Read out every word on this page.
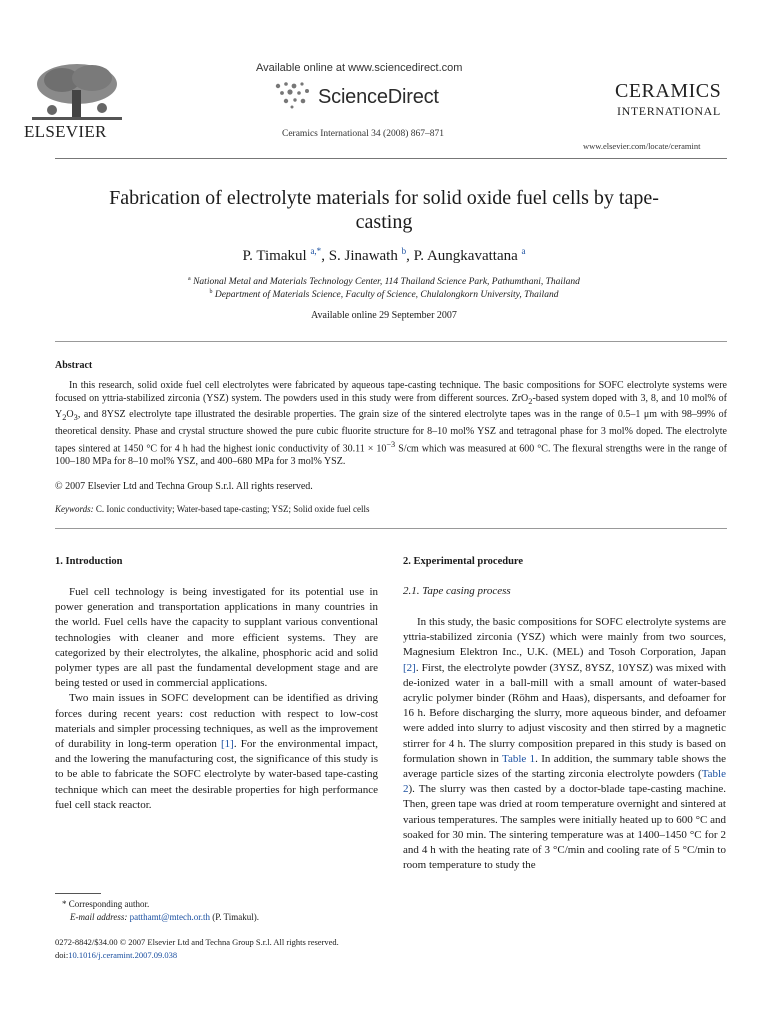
ELSEVIER
Available online at www.sciencedirect.com
ScienceDirect
Ceramics International 34 (2008) 867–871
CERAMICS
INTERNATIONAL
www.elsevier.com/locate/ceramint
Fabrication of electrolyte materials for solid oxide fuel cells by tape-casting
P. Timakul $^{a,*}$, S. Jinawath $^b$, P. Aungkavattana $^a$
$^a$ National Metal and Materials Technology Center, 114 Thailand Science Park, Pathumthani, Thailand
$^b$ Department of Materials Science, Faculty of Science, Chulalongkorn University, Thailand
Available online 29 September 2007
Abstract

In this research, solid oxide fuel cell electrolytes were fabricated by aqueous tape-casting technique. The basic compositions for SOFC electrolyte systems were focused on yttria-stabilized zirconia (YSZ) system. The powders used in this study were from different sources. ZrO$_2$-based system doped with 3, 8, and 10 mol% of $Y_2O_3$, and 8YSZ electrolyte tape illustrated the desirable properties. The grain size of the sintered electrolyte tapes was in the range of 0.5–1 μm with 98–99% of theoretical density. Phase and crystal structure showed the pure cubic fluorite structure for 8–10 mol% YSZ and tetragonal phase for 3 mol% doped. The electrolyte tapes sintered at 1450 °C for 4 h had the highest ionic conductivity of $30.11 \times 10^{-3}$ S/cm which was measured at 600 °C. The flexural strengths were in the range of 100–180 MPa for 8–10 mol% YSZ, and 400–680 MPa for 3 mol% YSZ.

© 2007 Elsevier Ltd and Techna Group S.r.l. All rights reserved.
Keywords: C. Ionic conductivity; Water-based tape-casting; YSZ; Solid oxide fuel cells
1. Introduction

Fuel cell technology is being investigated for its potential use in power generation and transportation applications in many countries in the world. Fuel cells have the capacity to supplant various conventional technologies with cleaner and more efficient systems. They are categorized by their electrolytes, the alkaline, phosphoric acid and solid polymer types are all past the fundamental development stage and are being tested or used in commercial applications.

Two main issues in SOFC development can be identified as driving forces during recent years: cost reduction with respect to low-cost materials and simpler processing techniques, as well as the improvement of durability in long-term operation [1]. For the environmental impact, and the lowering the manufacturing cost, the significance of this study is to be able to fabricate the SOFC electrolyte by water-based tape-casting technique which can meet the desirable properties for high performance fuel cell stack reactor.

2. Experimental procedure
2.1. Tape casing process

In this study, the basic compositions for SOFC electrolyte systems are yttria-stabilized zirconia (YSZ) which were mainly from two sources, Magnesium Elektron Inc., U.K. (MEL) and Tosoh Corporation, Japan [2]. First, the electrolyte powder (3YSZ, 8YSZ, 10YSZ) was mixed with de-ionized water in a ball-mill with a small amount of water-based acrylic polymer binder (Röhm and Haas), dispersants, and defoamer for 16 h. Before discharging the slurry, more aqueous binder, and defoamer were added into slurry to adjust viscosity and then stirred by a magnetic stirrer for 4 h. The slurry composition prepared in this study is based on formulation shown in Table 1. In addition, the summary table shows the average particle sizes of the starting zirconia electrolyte powders (Table 2). The slurry was then casted by a doctor-blade tape-casting machine. Then, green tape was dried at room temperature overnight and sintered at various temperatures. The samples were initially heated up to 600 °C and soaked for 30 min. The sintering temperature was at 1400–1450 °C for 2 and 4 h with the heating rate of 3 °C/min and cooling rate of 5 °C/min to room temperature to study the

* Corresponding author.
E-mail address: patthamt@mtech.or.th (P. Timakul).
0272-8842/$34.00 © 2007 Elsevier Ltd and Techna Group S.r.l. All rights reserved.
doi:10.1016/j.ceramint.2007.09.038
